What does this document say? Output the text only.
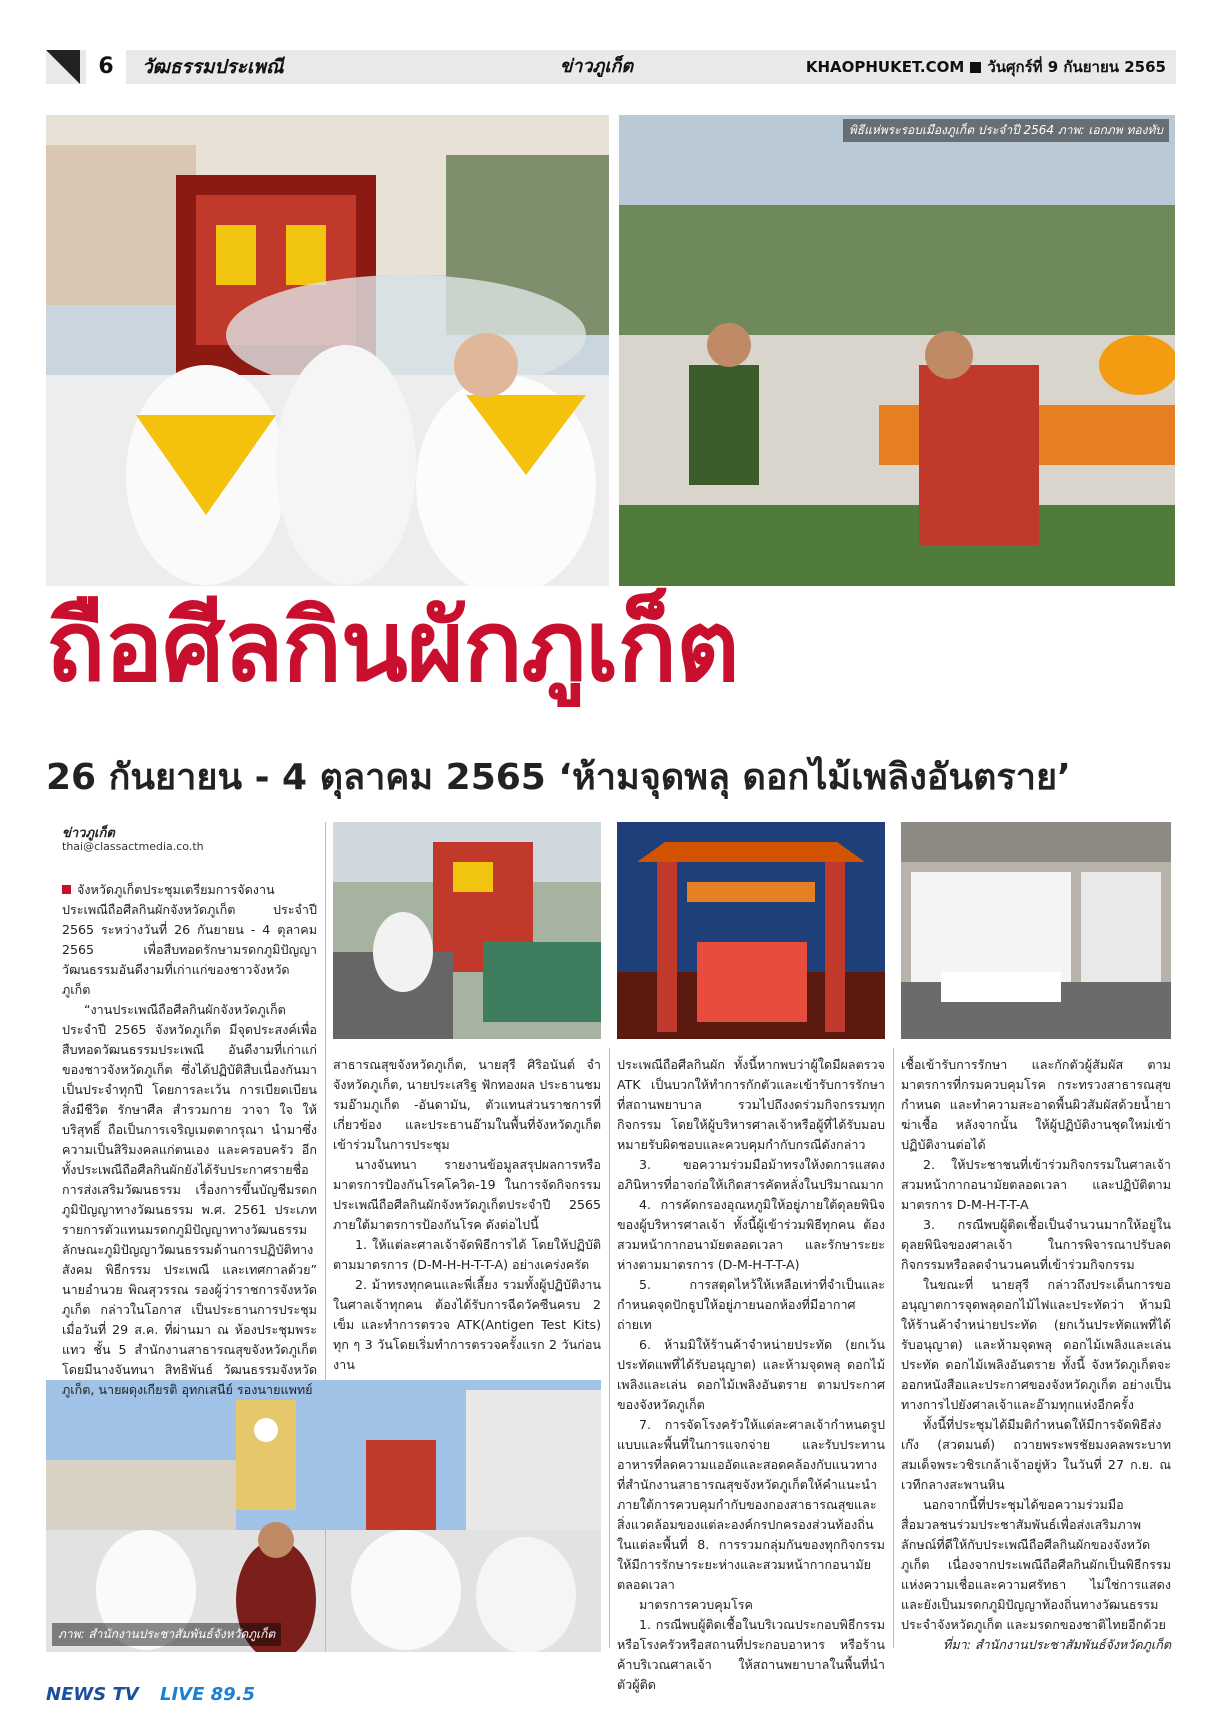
6	วัฒธรรมประเพณี	ข่าวภูเก็ต	KHAOPHUKET.COM วันศุกร์ที่ 9 กันยายน 2565
พิธีแห่พระรอบเมืองภูเก็ต ประจำปี 2564 ภาพ: เอกภพ ทองทับ
ถือศีลกินผักภูเก็ต
26 กันยายน - 4 ตุลาคม 2565 ‘ห้ามจุดพลุ ดอกไม้เพลิงอันตราย’
ข่าวภูเก็ต
thai@classactmedia.co.th
ภาพ: สำนักงานประชาสัมพันธ์จังหวัดภูเก็ต

จังหวัดภูเก็ตประชุมเตรียมการจัดงานประเพณีถือศีลกินผักจังหวัดภูเก็ต ประจำปี 2565 ระหว่างวันที่ 26 กันยายน - 4 ตุลาคม 2565 เพื่อสืบทอดรักษามรดกภูมิปัญญาวัฒนธรรมอันดีงามที่เก่าแก่ของชาวจังหวัดภูเก็ต

“งานประเพณีถือศีลกินผักจังหวัดภูเก็ต ประจำปี 2565 จังหวัดภูเก็ต มีจุดประสงค์เพื่อสืบทอดวัฒนธรรมประเพณี อันดีงามที่เก่าแก่ของชาวจังหวัดภูเก็ต ซึ่งได้ปฏิบัติสืบเนื่องกันมาเป็นประจำทุกปี โดยการละเว้น การเบียดเบียนสิ่งมีชีวิต รักษาศีล สำรวมกาย วาจา ใจ ให้บริสุทธิ์ ถือเป็นการเจริญเมตตากรุณา นำมาซึ่งความเป็นสิริมงคลแก่ตนเอง และครอบครัว อีกทั้งประเพณีถือศีลกินผักยังได้รับประกาศรายชื่อการส่งเสริมวัฒนธรรม เรื่องการขึ้นบัญชีมรดกภูมิปัญญาทางวัฒนธรรม พ.ศ. 2561 ประเภท รายการตัวแทนมรดกภูมิปัญญาทางวัฒนธรรม ลักษณะภูมิปัญญาวัฒนธรรมด้านการปฏิบัติทางสังคม พิธีกรรม ประเพณี และเทศกาลด้วย” นายอำนวย พิณสุวรรณ รองผู้ว่าราชการจังหวัดภูเก็ต กล่าวในโอกาส เป็นประธานการประชุม เมื่อวันที่ 29 ส.ค. ที่ผ่านมา ณ ห้องประชุมพระแทว ชั้น 5 สำนักงานสาธารณสุขจังหวัดภูเก็ต โดยมีนางจันทนา สิทธิพันธ์ วัฒนธรรมจังหวัดภูเก็ต, นายผดุงเกียรติ อุทกเสนีย์ รองนายแพทย์

สาธารณสุขจังหวัดภูเก็ต, นายสุรี ศิริอนันต์ จำจังหวัดภูเก็ต, นายประเสริฐ ฟักทองผล ประธานชมรมอ๊ามภูเก็ต -อันดามัน, ตัวแทนส่วนราชการที่เกี่ยวข้อง และประธานอ๊ามในพื้นที่จังหวัดภูเก็ต เข้าร่วมในการประชุม

นางจันทนา รายงานข้อมูลสรุปผลการหรือมาตรการป้องกันโรคโควิด-19 ในการจัดกิจกรรมประเพณีถือศีลกินผักจังหวัดภูเก็ตประจำปี 2565 ภายใต้มาตรการป้องกันโรค ดังต่อไปนี้

1. ให้แต่ละศาลเจ้าจัดพิธีการได้ โดยให้ปฏิบัติตามมาตรการ (D-M-H-H-T-T-A) อย่างเคร่งครัด

2. ม้าทรงทุกคนและพี่เลี้ยง รวมทั้งผู้ปฏิบัติงานในศาลเจ้าทุกคน ต้องได้รับการฉีดวัคซีนครบ 2 เข็ม และทำการตรวจ ATK(Antigen Test Kits) ทุก ๆ 3 วันโดยเริ่มทำการตรวจครั้งแรก 2 วันก่อนงาน

ประเพณีถือศีลกินผัก ทั้งนี้หากพบว่าผู้ใดมีผลตรวจ ATK เป็นบวกให้ทำการกักตัวและเข้ารับการรักษาที่สถานพยาบาล รวมไปถึงงดร่วมกิจกรรมทุกกิจกรรม โดยให้ผู้บริหารศาลเจ้าหรือผู้ที่ได้รับมอบหมายรับผิดชอบและควบคุมกำกับกรณีดังกล่าว

3. ขอความร่วมมือม้าทรงให้งดการแสดงอภินิหารที่อาจก่อให้เกิดสารคัดหลั่งในปริมาณมาก

4. การคัดกรองอุณหภูมิให้อยู่ภายใต้ดุลยพินิจของผู้บริหารศาลเจ้า ทั้งนี้ผู้เข้าร่วมพิธีทุกคน ต้องสวมหน้ากากอนามัยตลอดเวลา และรักษาระยะห่างตามมาตรการ (D-M-H-T-T-A)

5. การสตุดไหว้ให้เหลือเท่าที่จำเป็นและกำหนดจุดปักธูปให้อยู่ภายนอกห้องที่มีอากาศถ่ายเท

6. ห้ามมิให้ร้านค้าจำหน่ายประทัด (ยกเว้นประทัดแพที่ได้รับอนุญาต) และห้ามจุดพลุ ดอกไม้เพลิงและเล่น ดอกไม้เพลิงอันตราย ตามประกาศของจังหวัดภูเก็ต

7. การจัดโรงครัวให้แต่ละศาลเจ้ากำหนดรูปแบบและพื้นที่ในการแจกจ่าย และรับประทานอาหารที่ลดความแออัดและสอดคล้องกับแนวทางที่สำนักงานสาธารณสุขจังหวัดภูเก็ตให้คำแนะนำภายใต้การควบคุมกำกับของกองสาธารณสุขและสิ่งแวดล้อมของแต่ละองค์กรปกครองส่วนท้องถิ่นในแต่ละพื้นที่ 8. การรวมกลุ่มกันของทุกกิจกรรม ให้มีการรักษาระยะห่างและสวมหน้ากากอนามัยตลอดเวลา

มาตรการควบคุมโรค

1. กรณีพบผู้ติดเชื้อในบริเวณประกอบพิธีกรรม หรือโรงครัวหรือสถานที่ประกอบอาหาร หรือร้านค้าบริเวณศาลเจ้า ให้สถานพยาบาลในพื้นที่นำตัวผู้ติด

เชื้อเข้ารับการรักษา และกักตัวผู้สัมผัส ตามมาตรการที่กรมควบคุมโรค กระทรวงสาธารณสุขกำหนด และทำความสะอาดพื้นผิวสัมผัสด้วยน้ำยาฆ่าเชื้อ หลังจากนั้น ให้ผู้ปฏิบัติงานชุดใหม่เข้าปฏิบัติงานต่อได้

2. ให้ประชาชนที่เข้าร่วมกิจกรรมในศาลเจ้าสวมหน้ากากอนามัยตลอดเวลา และปฏิบัติตามมาตรการ D-M-H-T-T-A

3. กรณีพบผู้ติดเชื้อเป็นจำนวนมากให้อยู่ในดุลยพินิจของศาลเจ้า ในการพิจารณาปรับลดกิจกรรมหรือลดจำนวนคนที่เข้าร่วมกิจกรรม

ในขณะที่ นายสุรี กล่าวถึงประเด็นการขออนุญาตการจุดพลุดอกไม้ไฟและประทัดว่า ห้ามมิให้ร้านค้าจำหน่ายประทัด (ยกเว้นประทัดแพที่ได้รับอนุญาต) และห้ามจุดพลุ ดอกไม้เพลิงและเล่นประทัด ดอกไม้เพลิงอันตราย ทั้งนี้ จังหวัดภูเก็ตจะออกหนังสือและประกาศของจังหวัดภูเก็ต อย่างเป็นทางการไปยังศาลเจ้าและอ๊ามทุกแห่งอีกครั้ง

ทั้งนี้ที่ประชุมได้มีมติกำหนดให้มีการจัดพิธีส่งเก๊ง (สวดมนต์) ถวายพระพรชัยมงคลพระบาทสมเด็จพระวชิรเกล้าเจ้าอยู่หัว ในวันที่ 27 ก.ย. ณ เวทีกลางสะพานหิน

นอกจากนี้ที่ประชุมได้ขอความร่วมมือสื่อมวลชนร่วมประชาสัมพันธ์เพื่อส่งเสริมภาพลักษณ์ที่ดีให้กับประเพณีถือศีลกินผักของจังหวัดภูเก็ต เนื่องจากประเพณีถือศีลกินผักเป็นพิธีกรรมแห่งความเชื่อและความศรัทธา ไม่ใช่การแสดง และยังเป็นมรดกภูมิปัญญาท้องถิ่นทางวัฒนธรรมประจำจังหวัดภูเก็ต และมรดกของชาติไทยอีกด้วย

ที่มา: สำนักงานประชาสัมพันธ์จังหวัดภูเก็ต

NEWS TV LIVE 89.5
